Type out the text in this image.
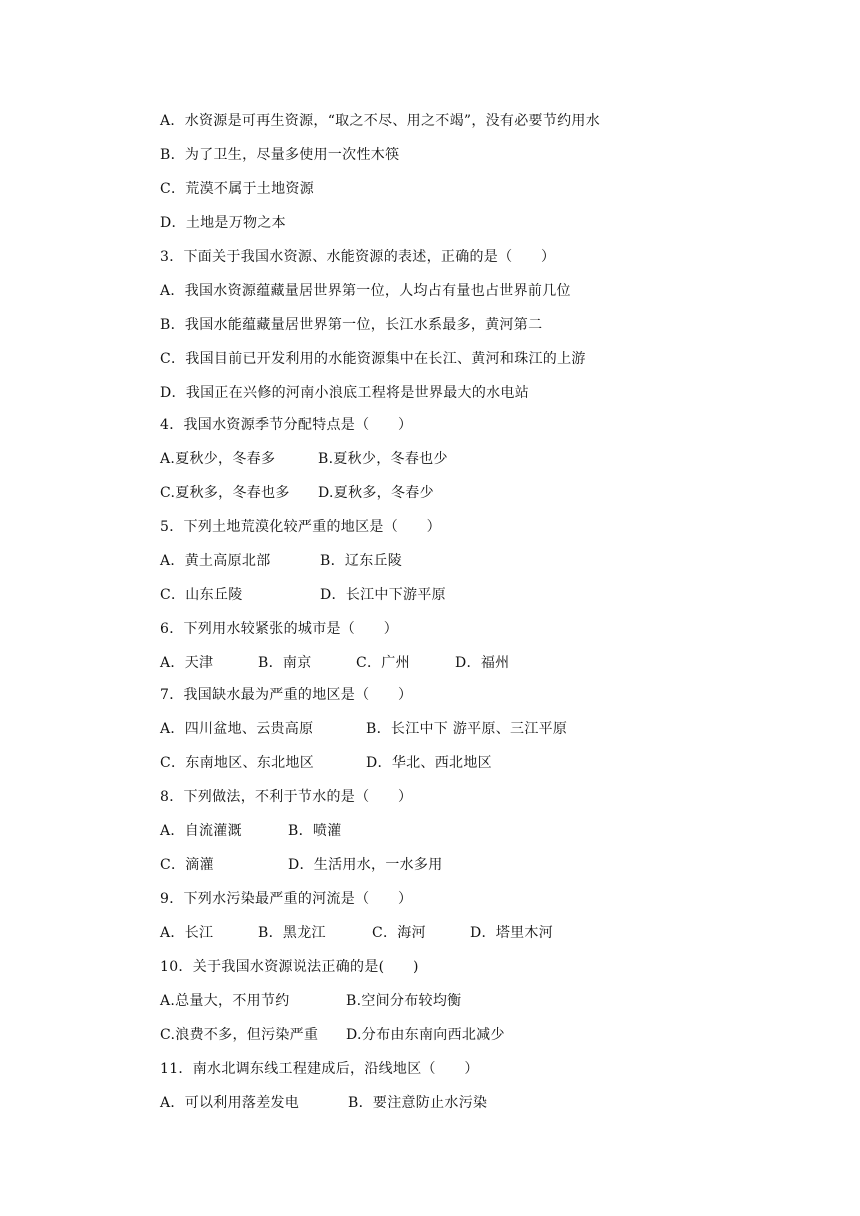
A．水资源是可再生资源，“取之不尽、用之不竭”，没有必要节约用水
B．为了卫生，尽量多使用一次性木筷
C．荒漠不属于土地资源
D．土地是万物之本
3．下面关于我国水资源、水能资源的表述，正确的是（　　）
A．我国水资源蕴藏量居世界第一位，人均占有量也占世界前几位
B．我国水能蕴藏量居世界第一位，长江水系最多，黄河第二
C．我国目前已开发利用的水能资源集中在长江、黄河和珠江的上游
D．我国正在兴修的河南小浪底工程将是世界最大的水电站
4．我国水资源季节分配特点是（　　）

A.夏秋少，冬春多

	B.夏秋少，冬春也少

C.夏秋多，冬春也多

D.夏秋多，冬春少

5．下列土地荒漠化较严重的地区是（　　）

A．黄土高原北部

	B．辽东丘陵

C．山东丘陵

	D．长江中下游平原

6．下列用水较紧张的城市是（　　）

A．天津

	B．南京

	C．广州

	D．福州

7．我国缺水最为严重的地区是（　　）

A．四川盆地、云贵高原

	B．长江中下 游平原、三江平原

C．东南地区、东北地区

	D．华北、西北地区

8．下列做法，不利于节水的是（　　）

A．自流灌溉

	B．喷灌

C．滴灌

	D．生活用水，一水多用

9．下列水污染最严重的河流是（　　）

A．长江

	B．黑龙江

	C．海河

	D．塔里木河

10．关于我国水资源说法正确的是(　　)

A.总量大，不用节约

	B.空间分布较均衡

C.浪费不多，但污染严重

D.分布由东南向西北减少

11．南水北调东线工程建成后，沿线地区（　　）

A．可以利用落差发电

	B．要注意防止水污染
